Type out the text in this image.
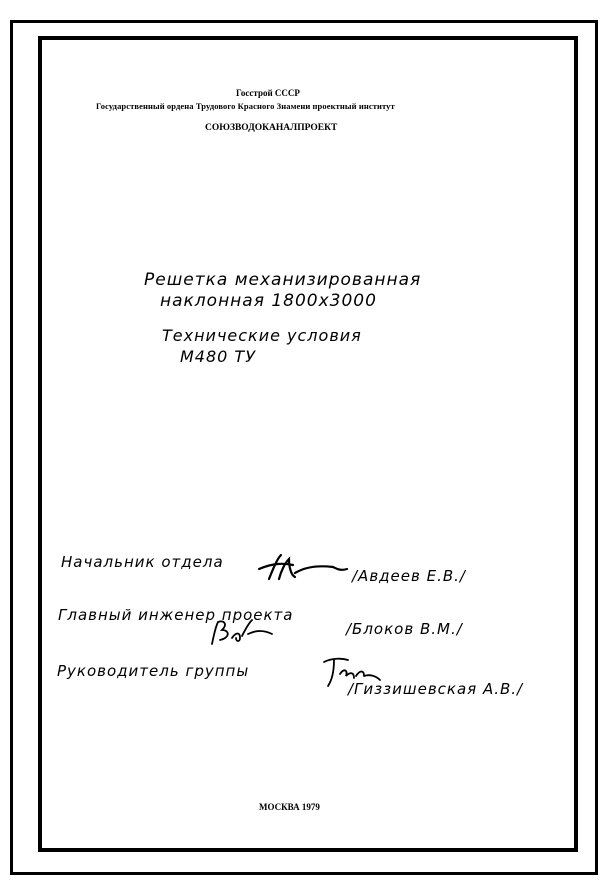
Госстрой СССР
Государственный ордена Трудового Красного Знамени проектный институт
СОЮЗВОДОКАНАЛПРОЕКТ
Решетка механизированная
наклонная 1800х3000
Технические условия
М480 ТУ
Начальник отдела
/Авдеев Е.В./
Главный инженер проекта
/Блоков В.М./
Руководитель группы
/Гиззишевская А.В./
МОСКВА 1979
